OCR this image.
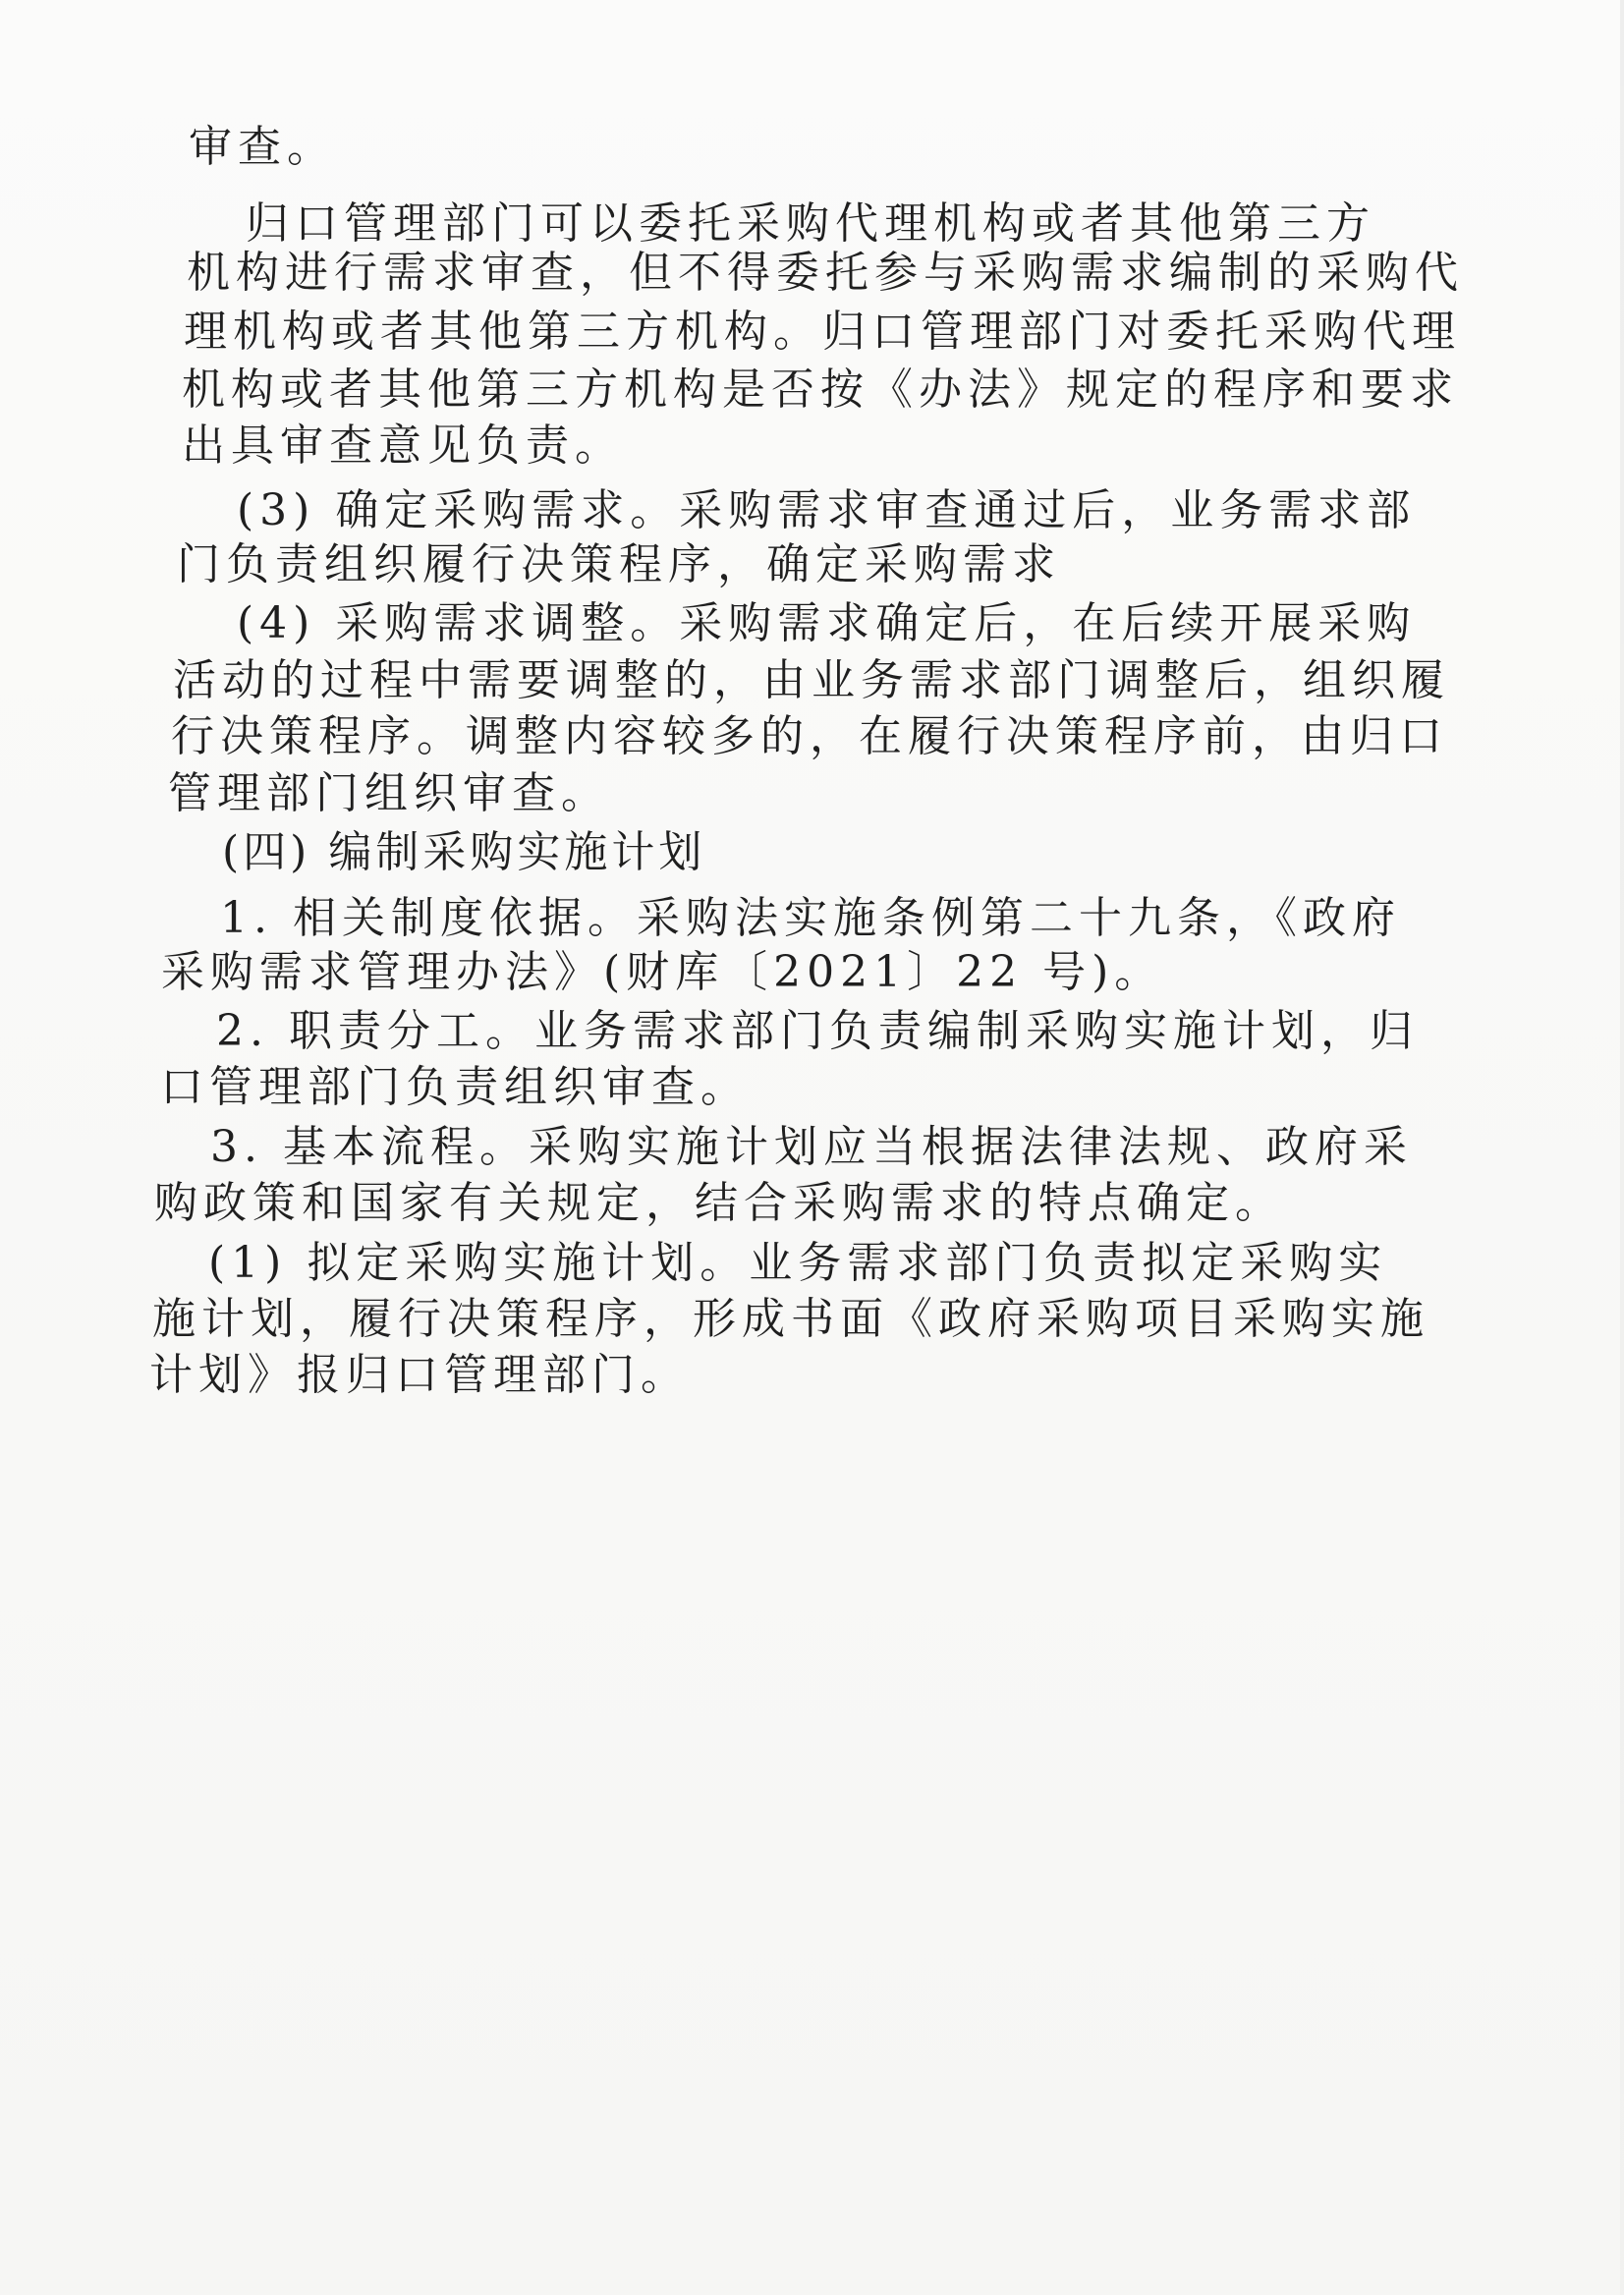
审查。
归口管理部门可以委托采购代理机构或者其他第三方
机构进行需求审查，但不得委托参与采购需求编制的采购代
理机构或者其他第三方机构。归口管理部门对委托采购代理
机构或者其他第三方机构是否按《办法》规定的程序和要求
出具审查意见负责。
(3) 确定采购需求。采购需求审查通过后，业务需求部
门负责组织履行决策程序，确定采购需求
(4) 采购需求调整。采购需求确定后，在后续开展采购
活动的过程中需要调整的，由业务需求部门调整后，组织履
行决策程序。调整内容较多的，在履行决策程序前，由归口
管理部门组织审查。
(四) 编制采购实施计划
1. 相关制度依据。采购法实施条例第二十九条，《政府
采购需求管理办法》(财库〔2021〕22 号)。
2. 职责分工。业务需求部门负责编制采购实施计划，归
口管理部门负责组织审查。
3. 基本流程。采购实施计划应当根据法律法规、政府采
购政策和国家有关规定，结合采购需求的特点确定。
(1) 拟定采购实施计划。业务需求部门负责拟定采购实
施计划，履行决策程序，形成书面《政府采购项目采购实施
计划》报归口管理部门。
